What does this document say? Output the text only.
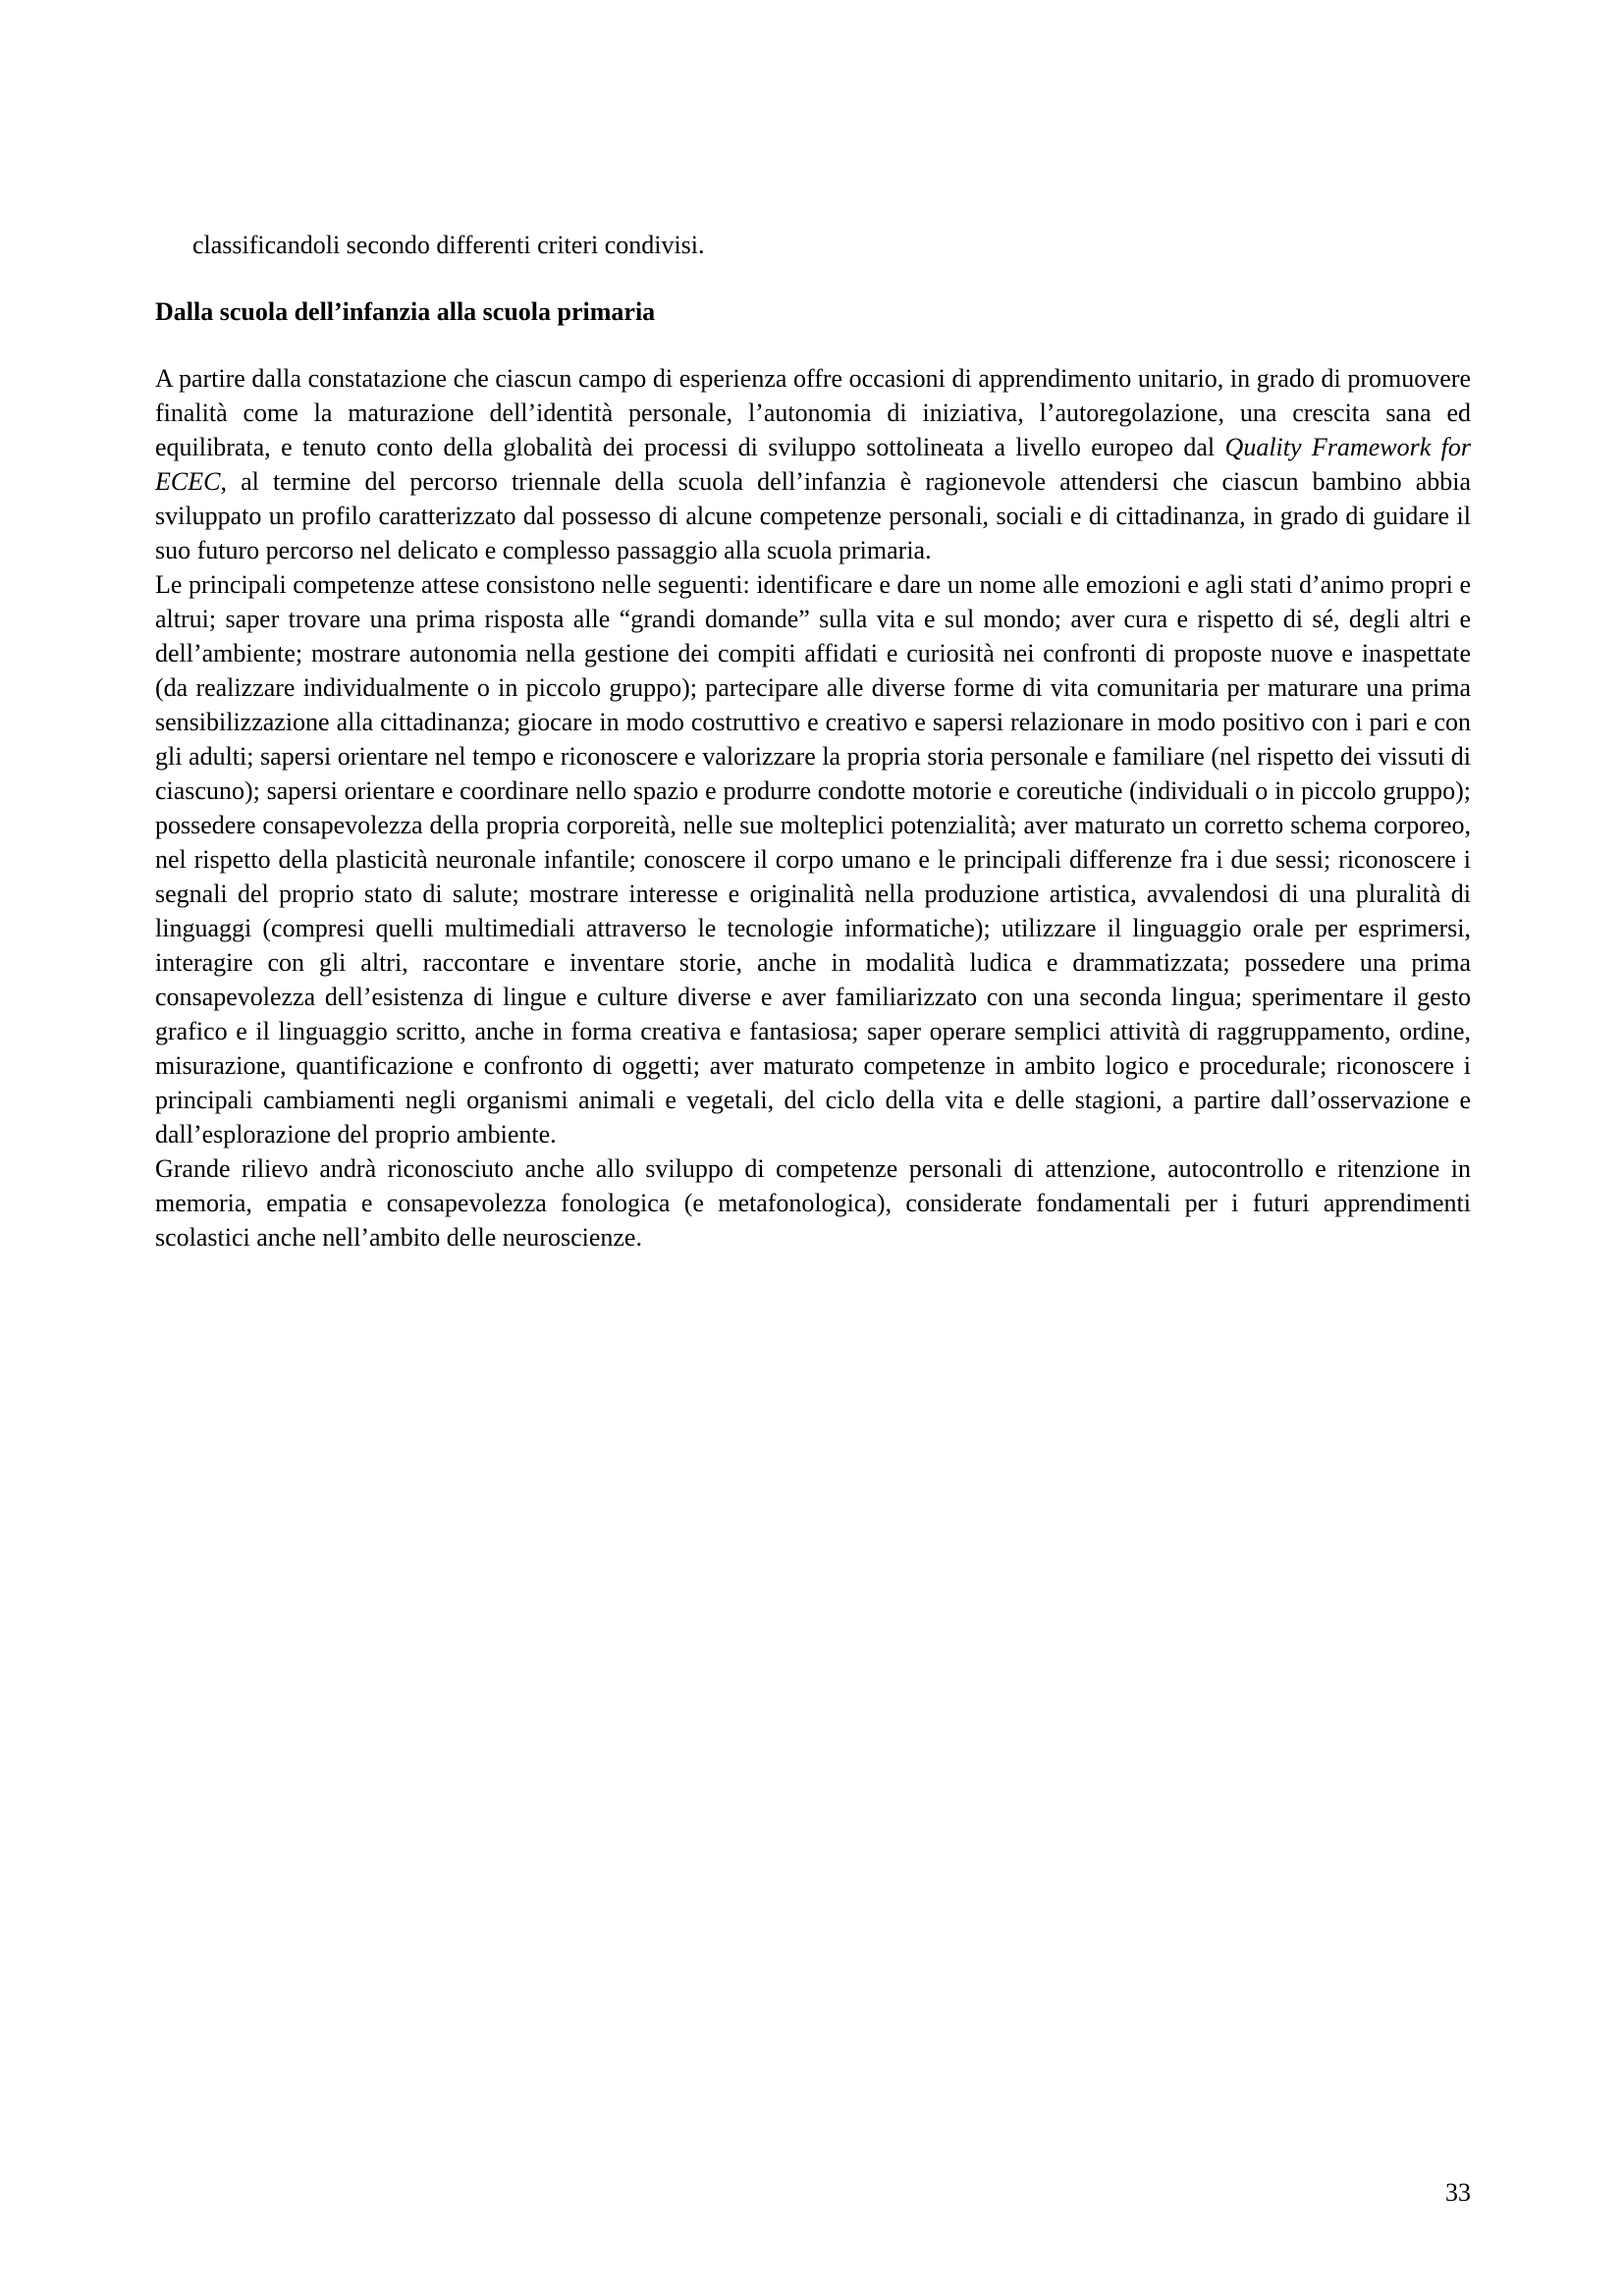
classificandoli secondo differenti criteri condivisi.

Dalla scuola dell’infanzia alla scuola primaria

A partire dalla constatazione che ciascun campo di esperienza offre occasioni di apprendimento unitario, in grado di promuovere finalità come la maturazione dell’identità personale, l’autonomia di iniziativa, l’autoregolazione, una crescita sana ed equilibrata, e tenuto conto della globalità dei processi di sviluppo sottolineata a livello europeo dal Quality Framework for ECEC, al termine del percorso triennale della scuola dell’infanzia è ragionevole attendersi che ciascun bambino abbia sviluppato un profilo caratterizzato dal possesso di alcune competenze personali, sociali e di cittadinanza, in grado di guidare il suo futuro percorso nel delicato e complesso passaggio alla scuola primaria.

Le principali competenze attese consistono nelle seguenti: identificare e dare un nome alle emozioni e agli stati d’animo propri e altrui; saper trovare una prima risposta alle “grandi domande” sulla vita e sul mondo; aver cura e rispetto di sé, degli altri e dell’ambiente; mostrare autonomia nella gestione dei compiti affidati e curiosità nei confronti di proposte nuove e inaspettate (da realizzare individualmente o in piccolo gruppo); partecipare alle diverse forme di vita comunitaria per maturare una prima sensibilizzazione alla cittadinanza; giocare in modo costruttivo e creativo e sapersi relazionare in modo positivo con i pari e con gli adulti; sapersi orientare nel tempo e riconoscere e valorizzare la propria storia personale e familiare (nel rispetto dei vissuti di ciascuno); sapersi orientare e coordinare nello spazio e produrre condotte motorie e coreutiche (individuali o in piccolo gruppo); possedere consapevolezza della propria corporeità, nelle sue molteplici potenzialità; aver maturato un corretto schema corporeo, nel rispetto della plasticità neuronale infantile; conoscere il corpo umano e le principali differenze fra i due sessi; riconoscere i segnali del proprio stato di salute; mostrare interesse e originalità nella produzione artistica, avvalendosi di una pluralità di linguaggi (compresi quelli multimediali attraverso le tecnologie informatiche); utilizzare il linguaggio orale per esprimersi, interagire con gli altri, raccontare e inventare storie, anche in modalità ludica e drammatizzata; possedere una prima consapevolezza dell’esistenza di lingue e culture diverse e aver familiarizzato con una seconda lingua; sperimentare il gesto grafico e il linguaggio scritto, anche in forma creativa e fantasiosa; saper operare semplici attività di raggruppamento, ordine, misurazione, quantificazione e confronto di oggetti; aver maturato competenze in ambito logico e procedurale; riconoscere i principali cambiamenti negli organismi animali e vegetali, del ciclo della vita e delle stagioni, a partire dall’osservazione e dall’esplorazione del proprio ambiente.

Grande rilievo andrà riconosciuto anche allo sviluppo di competenze personali di attenzione, autocontrollo e ritenzione in memoria, empatia e consapevolezza fonologica (e metafonologica), considerate fondamentali per i futuri apprendimenti scolastici anche nell’ambito delle neuroscienze.

33
